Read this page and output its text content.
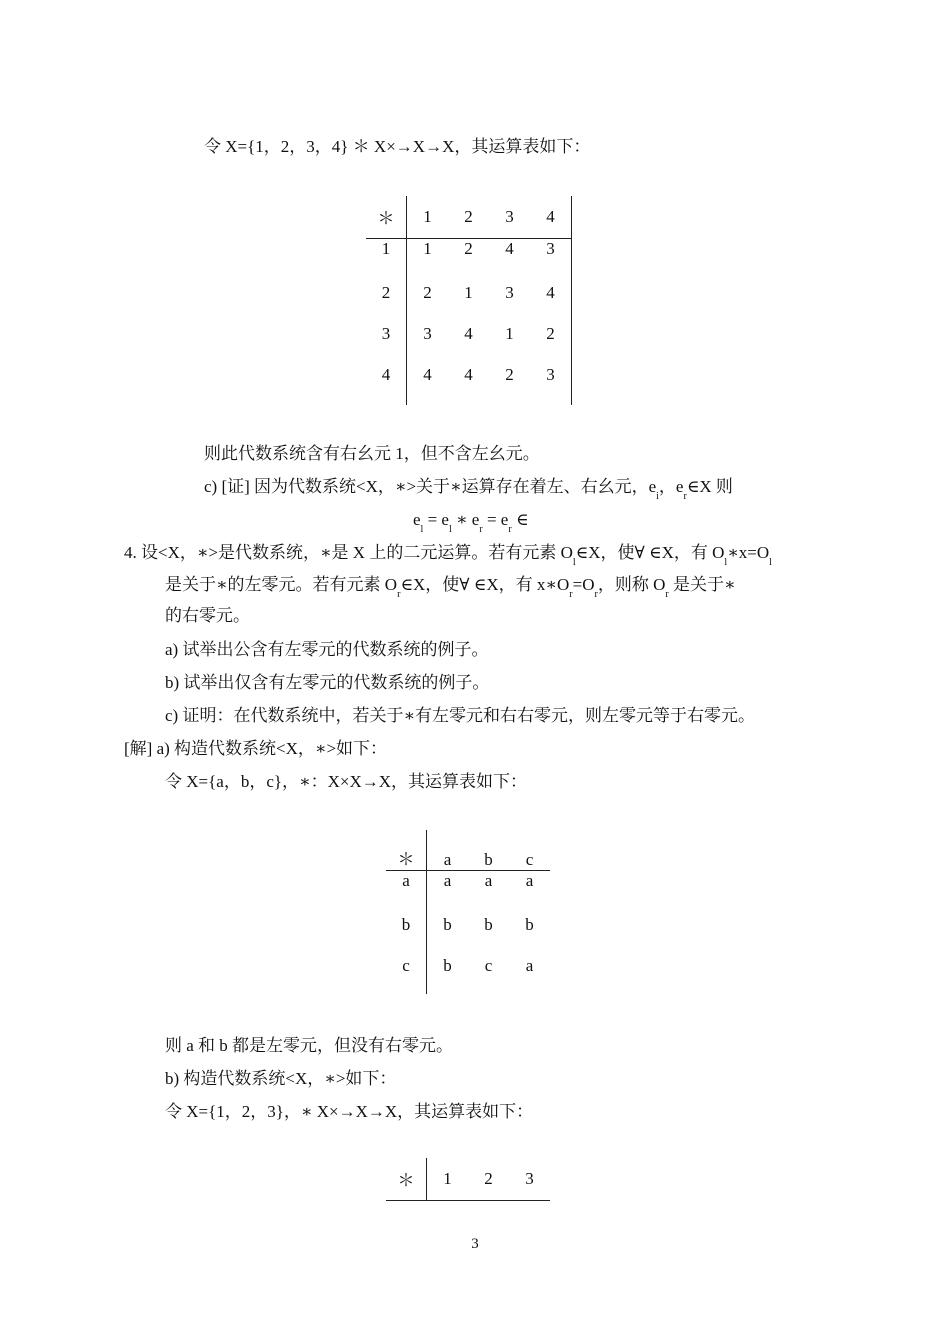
令 X={1，2，3，4} ＊ X×→X→X，其运算表如下：
＊	1	2	3	4
1	1	2	4	3
2	2	1	3	4
3	3	4	1	2
4	4	4	2	3

则此代数系统含有右幺元 1，但不含左幺元。
c) [证] 因为代数系统<X，∗>关于∗运算存在着左、右幺元，$e_i$，$e_r\in X$ 则
$e_l = e_l$ ∗ $e_r = e_r$ ∈
4. 设<X，∗>是代数系统，∗是 X 上的二元运算。若有元素 $O_l\in X$，使∀ ∈X，有 $O_l∗x=O_l$
是关于∗的左零元。若有元素 $O_r\in X$，使∀ ∈X，有 $x∗O_r=O_r$，则称 $O_r$ 是关于∗
的右零元。
a) 试举出公含有左零元的代数系统的例子。
b) 试举出仅含有左零元的代数系统的例子。
c) 证明：在代数系统中，若关于∗有左零元和右右零元，则左零元等于右零元。
[解] a) 构造代数系统<X，∗>如下：
令 X={a，b，c}，∗：X×X→X，其运算表如下：
＊	a	b	c
a	a	a	a
b	b	b	b
c	b	c	a

则 a 和 b 都是左零元，但没有右零元。
b) 构造代数系统<X，∗>如下：
令 X={1，2，3}，∗ X×→X→X，其运算表如下：
＊	1	2	3
3
